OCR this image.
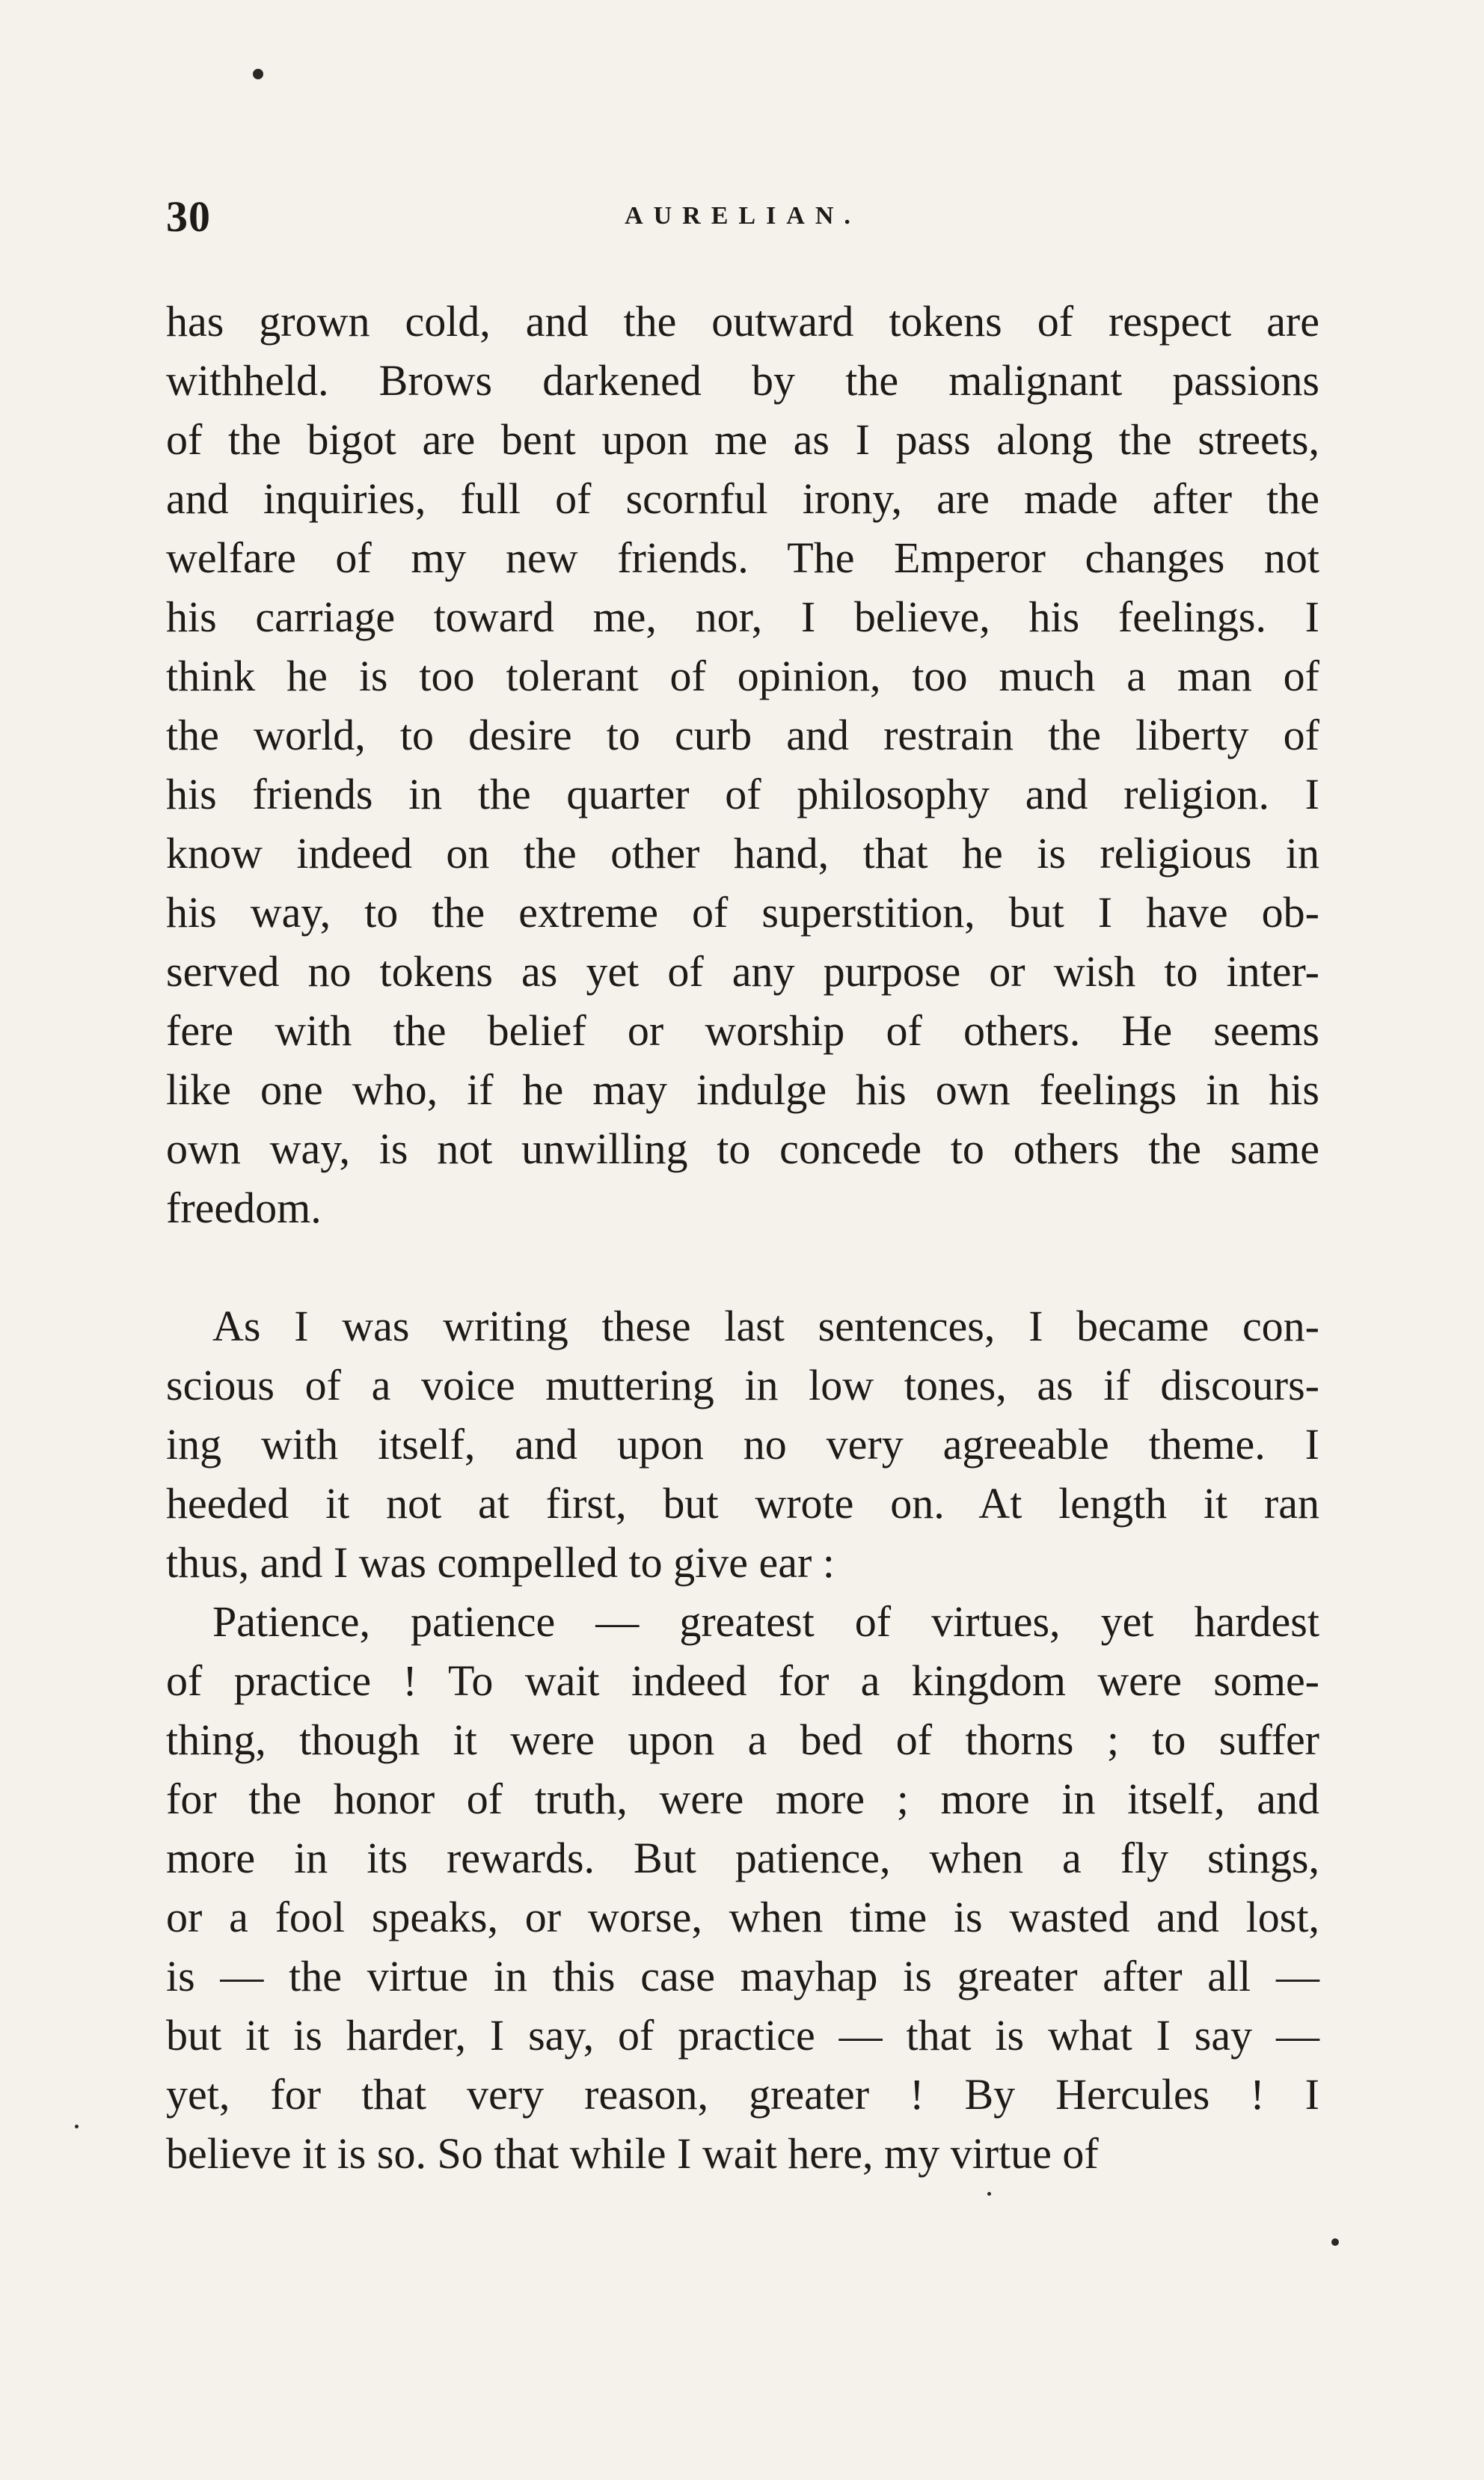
30	AURELIAN.
has grown cold, and the outward tokens of respect are
withheld. Brows darkened by the malignant passions
of the bigot are bent upon me as I pass along the streets,
and inquiries, full of scornful irony, are made after the
welfare of my new friends. The Emperor changes not
his carriage toward me, nor, I believe, his feelings. I
think he is too tolerant of opinion, too much a man of
the world, to desire to curb and restrain the liberty of
his friends in the quarter of philosophy and religion. I
know indeed on the other hand, that he is religious in
his way, to the extreme of superstition, but I have ob-
served no tokens as yet of any purpose or wish to inter-
fere with the belief or worship of others. He seems
like one who, if he may indulge his own feelings in his
own way, is not unwilling to concede to others the same
freedom.
As I was writing these last sentences, I became con-
scious of a voice muttering in low tones, as if discours-
ing with itself, and upon no very agreeable theme. I
heeded it not at first, but wrote on. At length it ran
thus, and I was compelled to give ear :
Patience, patience — greatest of virtues, yet hardest
of practice ! To wait indeed for a kingdom were some-
thing, though it were upon a bed of thorns ; to suffer
for the honor of truth, were more ; more in itself, and
more in its rewards. But patience, when a fly stings,
or a fool speaks, or worse, when time is wasted and lost,
is — the virtue in this case mayhap is greater after all —
but it is harder, I say, of practice — that is what I say —
yet, for that very reason, greater ! By Hercules ! I
believe it is so. So that while I wait here, my virtue of
